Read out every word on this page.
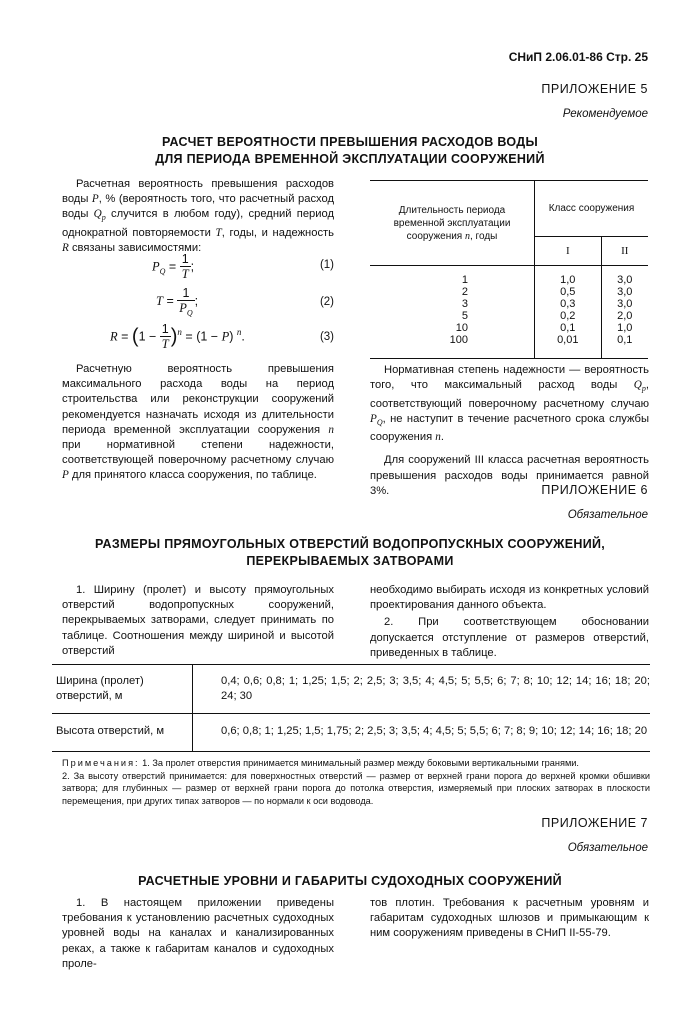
СНиП 2.06.01-86 Стр. 25
ПРИЛОЖЕНИЕ 5
Рекомендуемое
РАСЧЕТ ВЕРОЯТНОСТИ ПРЕВЫШЕНИЯ РАСХОДОВ ВОДЫ
ДЛЯ ПЕРИОДА ВРЕМЕННОЙ ЭКСПЛУАТАЦИИ СООРУЖЕНИЙ

Расчетная вероятность превышения расходов воды P, % (вероятность того, что расчетный расход воды $Q_p$ случится в любом году), средний период однократной повторяемости T, годы, и надежность R связаны зависимостями:

$P_Q = \frac{1}{T}$ ;	(1)
$T = \frac{1}{P_Q}$ ;	(2)
$R = (1 - \frac{1}{T} )^n = (1 - P)$ $^n$.	(3)

Расчетную вероятность превышения максимального расхода воды на период строительства или реконструкции сооружений рекомендуется назначать исходя из длительности периода временной эксплуатации сооружения n при нормативной степени надежности, соответствующей поверочному расчетному случаю P для принятого класса сооружения, по таблице.

Длительность периода временной эксплуатации сооружения n, годы	Класс сооружения	
	I	II

1	1,0	3,0
2	0,5	3,0
3	0,3	3,0
5	0,2	2,0
10	0,1	1,0
100	0,01	0,1

Нормативная степень надежности — вероятность того, что максимальный расход воды $Q_p$, соответствующий поверочному расчетному случаю $P_Q$, не наступит в течение расчетного срока службы сооружения n.

Для сооружений III класса расчетная вероятность превышения расходов воды принимается равной 3%.	ПРИЛОЖЕНИЕ 6
Обязательное
РАЗМЕРЫ ПРЯМОУГОЛЬНЫХ ОТВЕРСТИЙ ВОДОПРОПУСКНЫХ СООРУЖЕНИЙ,
ПЕРЕКРЫВАЕМЫХ ЗАТВОРАМИ

1. Ширину (пролет) и высоту прямоугольных отверстий водопропускных сооружений, перекрываемых затворами, следует принимать по таблице. Соотношения между шириной и высотой отверстий

необходимо выбирать исходя из конкретных условий проектирования данного объекта.

2. При соответствующем обосновании допускается отступление от размеров отверстий, приведенных в таблице.

Ширина (пролет) отверстий, м	0,4; 0,6; 0,8; 1; 1,25; 1,5; 2; 2,5; 3; 3,5; 4; 4,5; 5; 5,5; 6; 7; 8; 10; 12; 14; 16; 18; 20; 24; 30
Высота отверстий, м	0,6; 0,8; 1; 1,25; 1,5; 1,75; 2; 2,5; 3; 3,5; 4; 4,5; 5; 5,5; 6; 7; 8; 9; 10; 12; 14; 16; 18; 20
Примечания: 1. За пролет отверстия принимается минимальный размер между боковыми вертикальными гранями.
2. За высоту отверстий принимается: для поверхностных отверстий — размер от верхней грани порога до верхней кромки обшивки затвора; для глубинных — размер от верхней грани порога до потолка отверстия, измеряемый при плоских затворах в плоскости перемещения, при других типах затворов — по нормали к оси водовода.
ПРИЛОЖЕНИЕ 7
Обязательное
РАСЧЕТНЫЕ УРОВНИ И ГАБАРИТЫ СУДОХОДНЫХ СООРУЖЕНИЙ

1. В настоящем приложении приведены требования к установлению расчетных судоходных уровней воды на каналах и канализированных реках, а также к габаритам каналов и судоходных проле-

тов плотин. Требования к расчетным уровням и габаритам судоходных шлюзов и примыкающим к ним сооружениям приведены в СНиП II-55-79.
